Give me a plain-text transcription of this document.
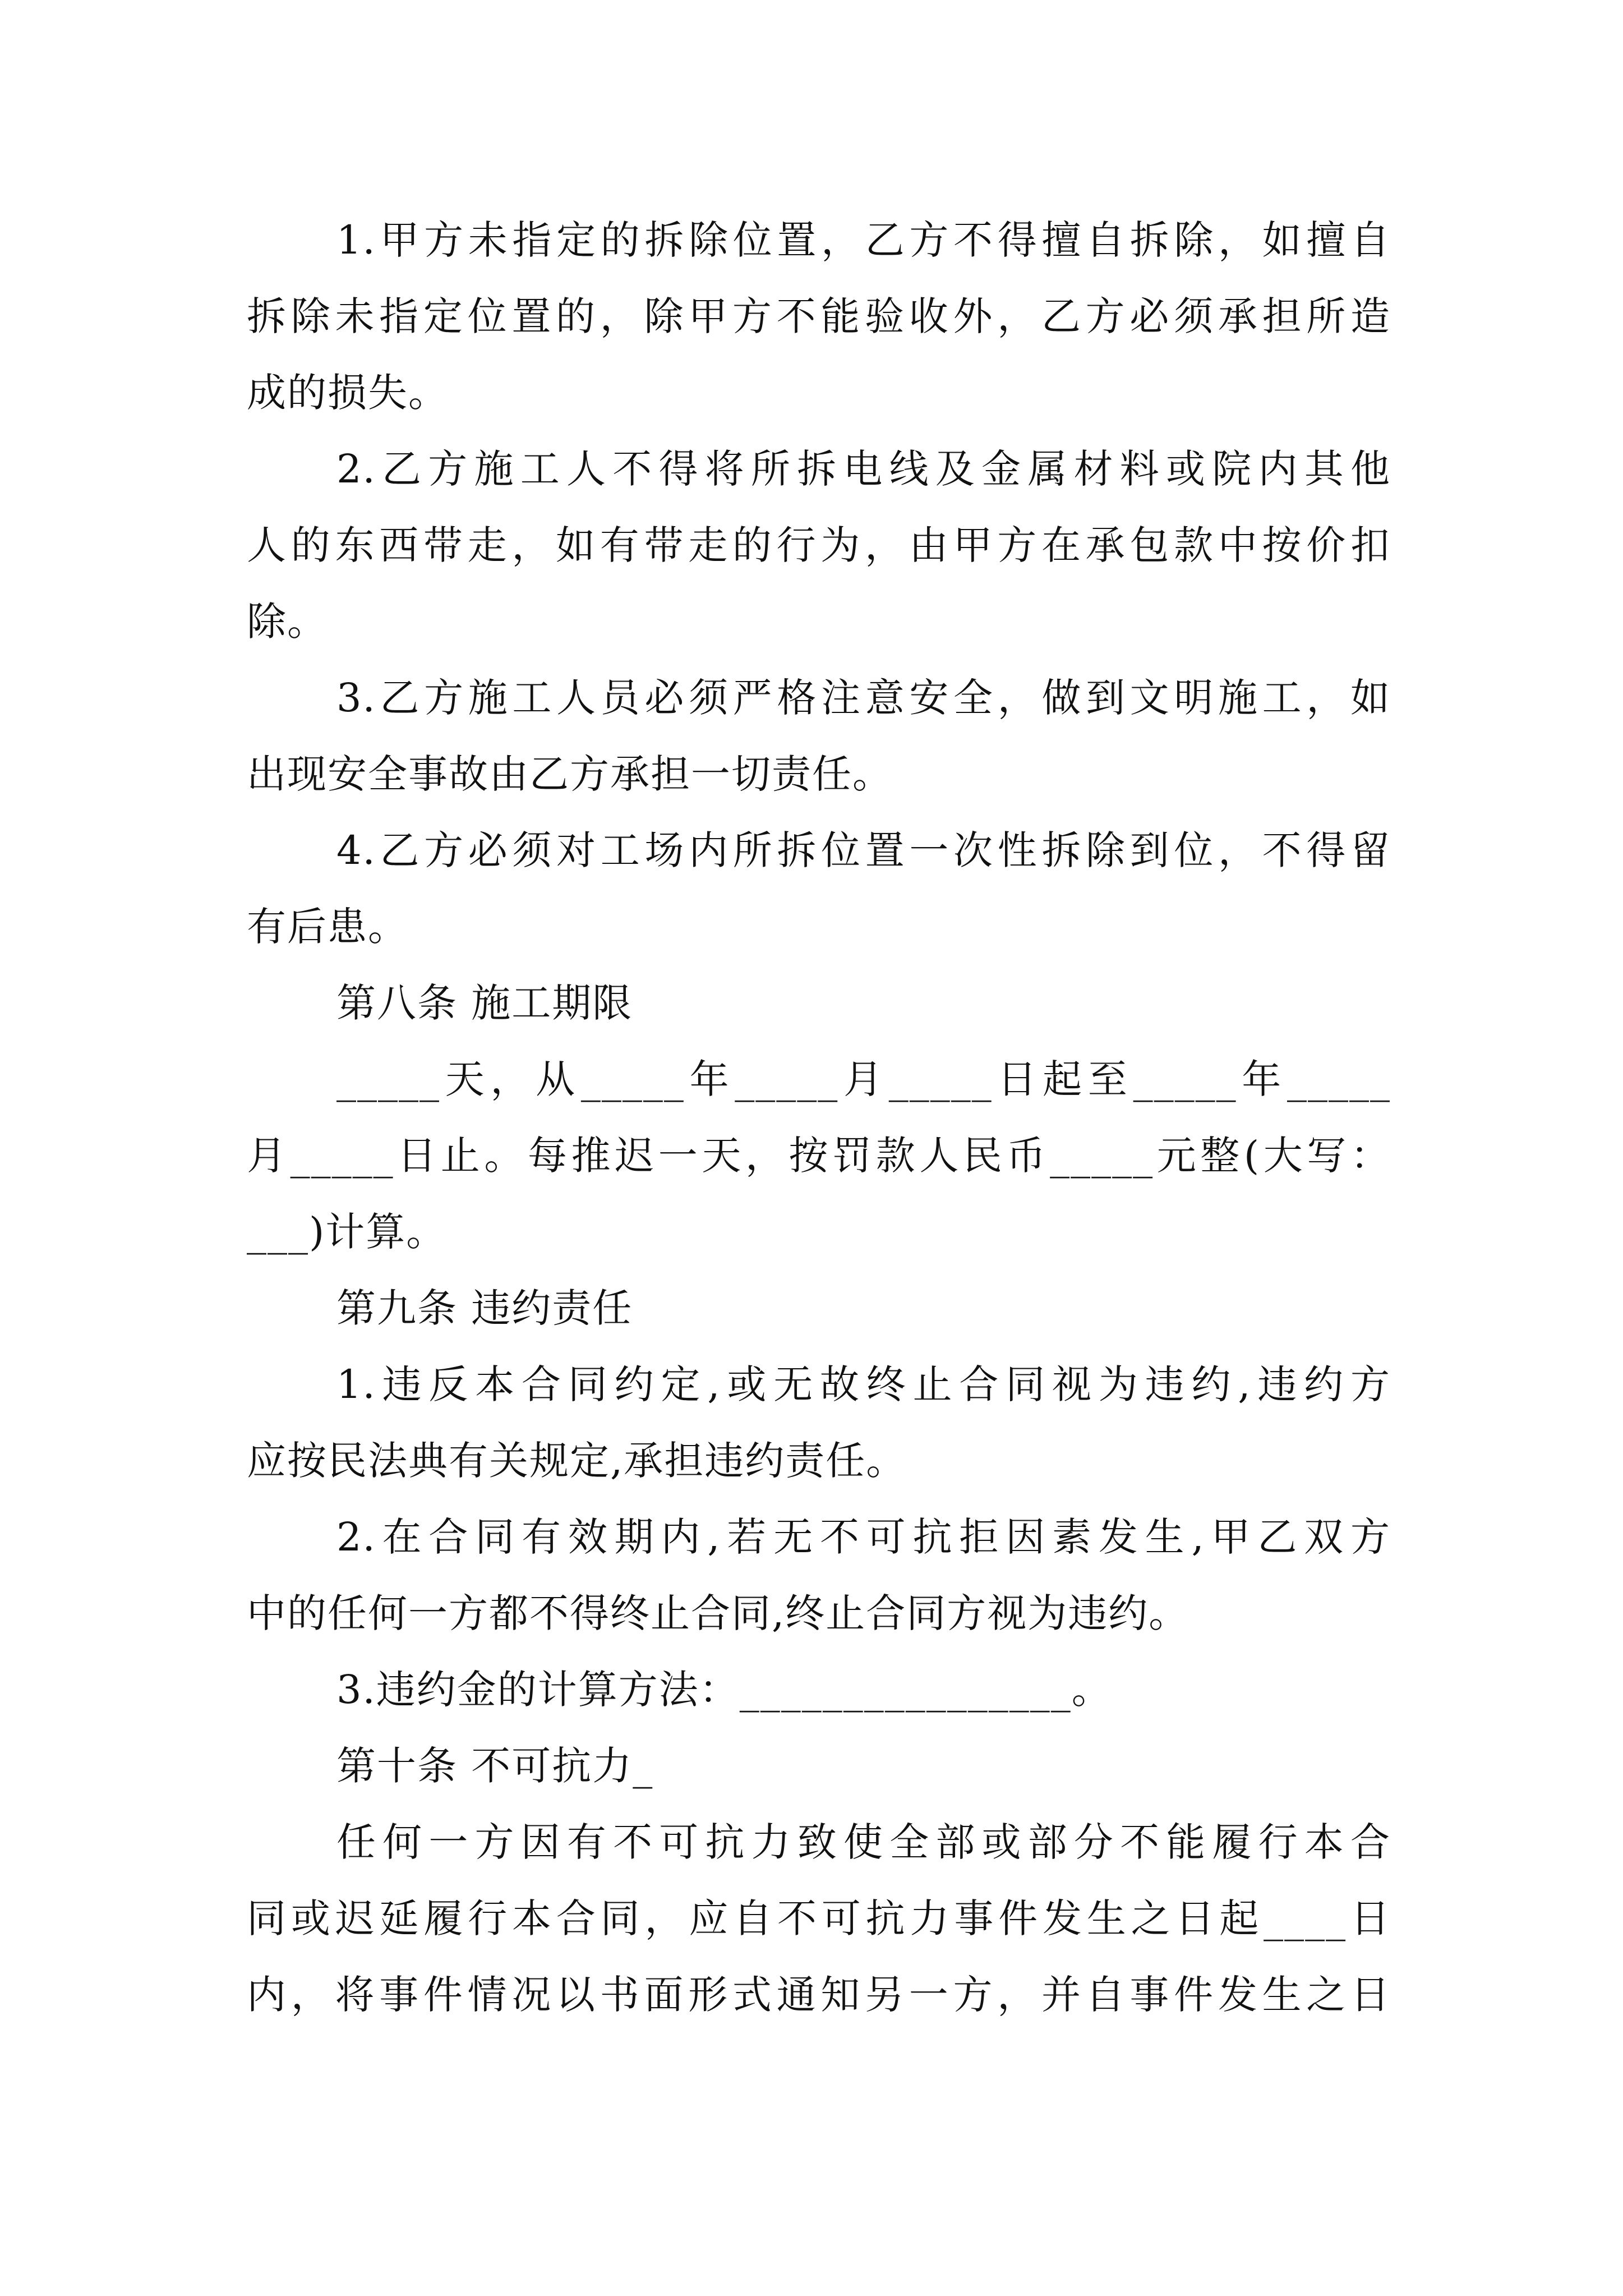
1.甲方未指定的拆除位置，乙方不得擅自拆除，如擅自
拆除未指定位置的，除甲方不能验收外，乙方必须承担所造
成的损失。
2.乙方施工人不得将所拆电线及金属材料或院内其他
人的东西带走，如有带走的行为，由甲方在承包款中按价扣
除。
3.乙方施工人员必须严格注意安全，做到文明施工，如
出现安全事故由乙方承担一切责任。
4.乙方必须对工场内所拆位置一次性拆除到位，不得留
有后患。
第八条 施工期限
_____天，从_____年_____月_____日起至_____年_____
月_____日止。每推迟一天，按罚款人民币_____元整(大写：
___)计算。
第九条 违约责任
1.违反本合同约定,或无故终止合同视为违约,违约方
应按民法典有关规定,承担违约责任。
2.在合同有效期内,若无不可抗拒因素发生,甲乙双方
中的任何一方都不得终止合同,终止合同方视为违约。
3.违约金的计算方法：________________。
第十条 不可抗力_
任何一方因有不可抗力致使全部或部分不能履行本合
同或迟延履行本合同，应自不可抗力事件发生之日起____日
内，将事件情况以书面形式通知另一方，并自事件发生之日
